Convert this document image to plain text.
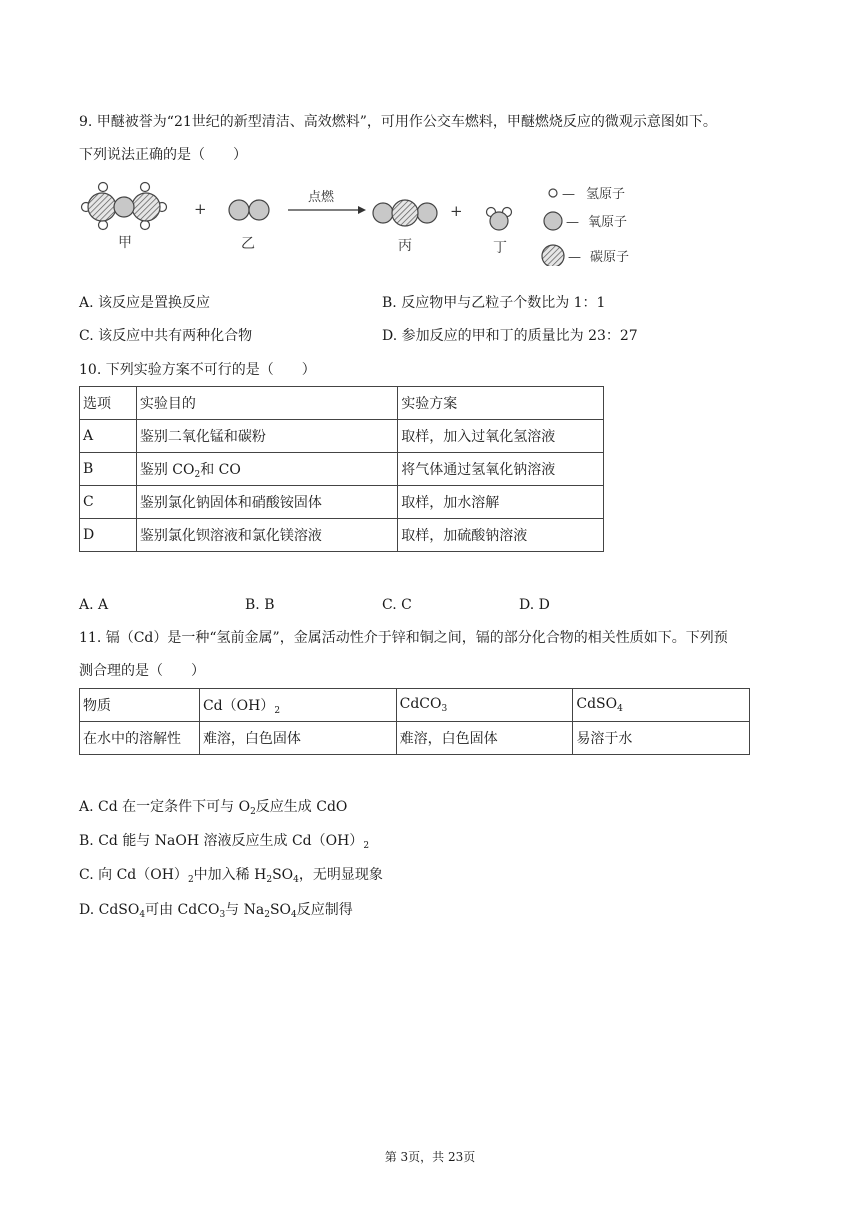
9. 甲醚被誉为“21世纪的新型清洁、高效燃料”，可用作公交车燃料，甲醚燃烧反应的微观示意图如下。
下列说法正确的是（　　）
甲
+
乙
点燃
丙
+
丁
— 氢原子
— 氧原子
— 碳原子
A. 该反应是置换反应	B. 反应物甲与乙粒子个数比为 1：1
C. 该反应中共有两种化合物	D. 参加反应的甲和丁的质量比为 23：27
10. 下列实验方案不可行的是（　　）
选项	实验目的	实验方案
A	鉴别二氧化锰和碳粉	取样，加入过氧化氢溶液
B	鉴别 $CO_2$和 CO	将气体通过氢氧化钠溶液
C	鉴别氯化钠固体和硝酸铵固体	取样，加水溶解
D	鉴别氯化钡溶液和氯化镁溶液	取样，加硫酸钠溶液
A. A	B. B	C. C	D. D
11. 镉（Cd）是一种“氢前金属”，金属活动性介于锌和铜之间，镉的部分化合物的相关性质如下。下列预
测合理的是（　　）
物质	$Cd(OH)_2$	CdCO$_3$	CdSO$_4$
在水中的溶解性	难溶，白色固体	难溶，白色固体	易溶于水
A. Cd 在一定条件下可与 $O_2$反应生成 CdO
B. Cd 能与 NaOH 溶液反应生成 $Cd(OH)_2$
C. 向 $Cd(OH)_2$中加入稀 $H_2SO_4$，无明显现象
D. CdSO$_4$可由 CdCO$_3$与 $Na_2SO_4$反应制得
第 3页，共 23页
